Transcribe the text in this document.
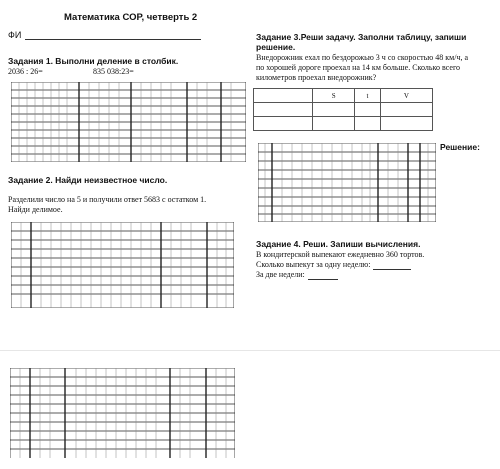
Математика СОР, четверть 2
ФИ
Задания 1. Выполни деление в столбик.
2036 : 26=	835 038:23=
Задание 2. Найди неизвестное число.
Разделили число на 5 и получили ответ 5683 с остатком 1.
Найди делимое.
Задание 3.Реши задачу. Заполни таблицу, запиши
решение.
Внедорожник ехал по бездорожью 3 ч со скоростью 48 км/ч, а
по хорошей дороге проехал на 14 км больше. Сколько всего
километров проехал внедорожник?
	S	t	V

Решение:
Задание 4. Реши. Запиши вычисления.
В кондитерской выпекают ежедневно 360 тортов.
Сколько выпекут за одну неделю:
За две недели:
